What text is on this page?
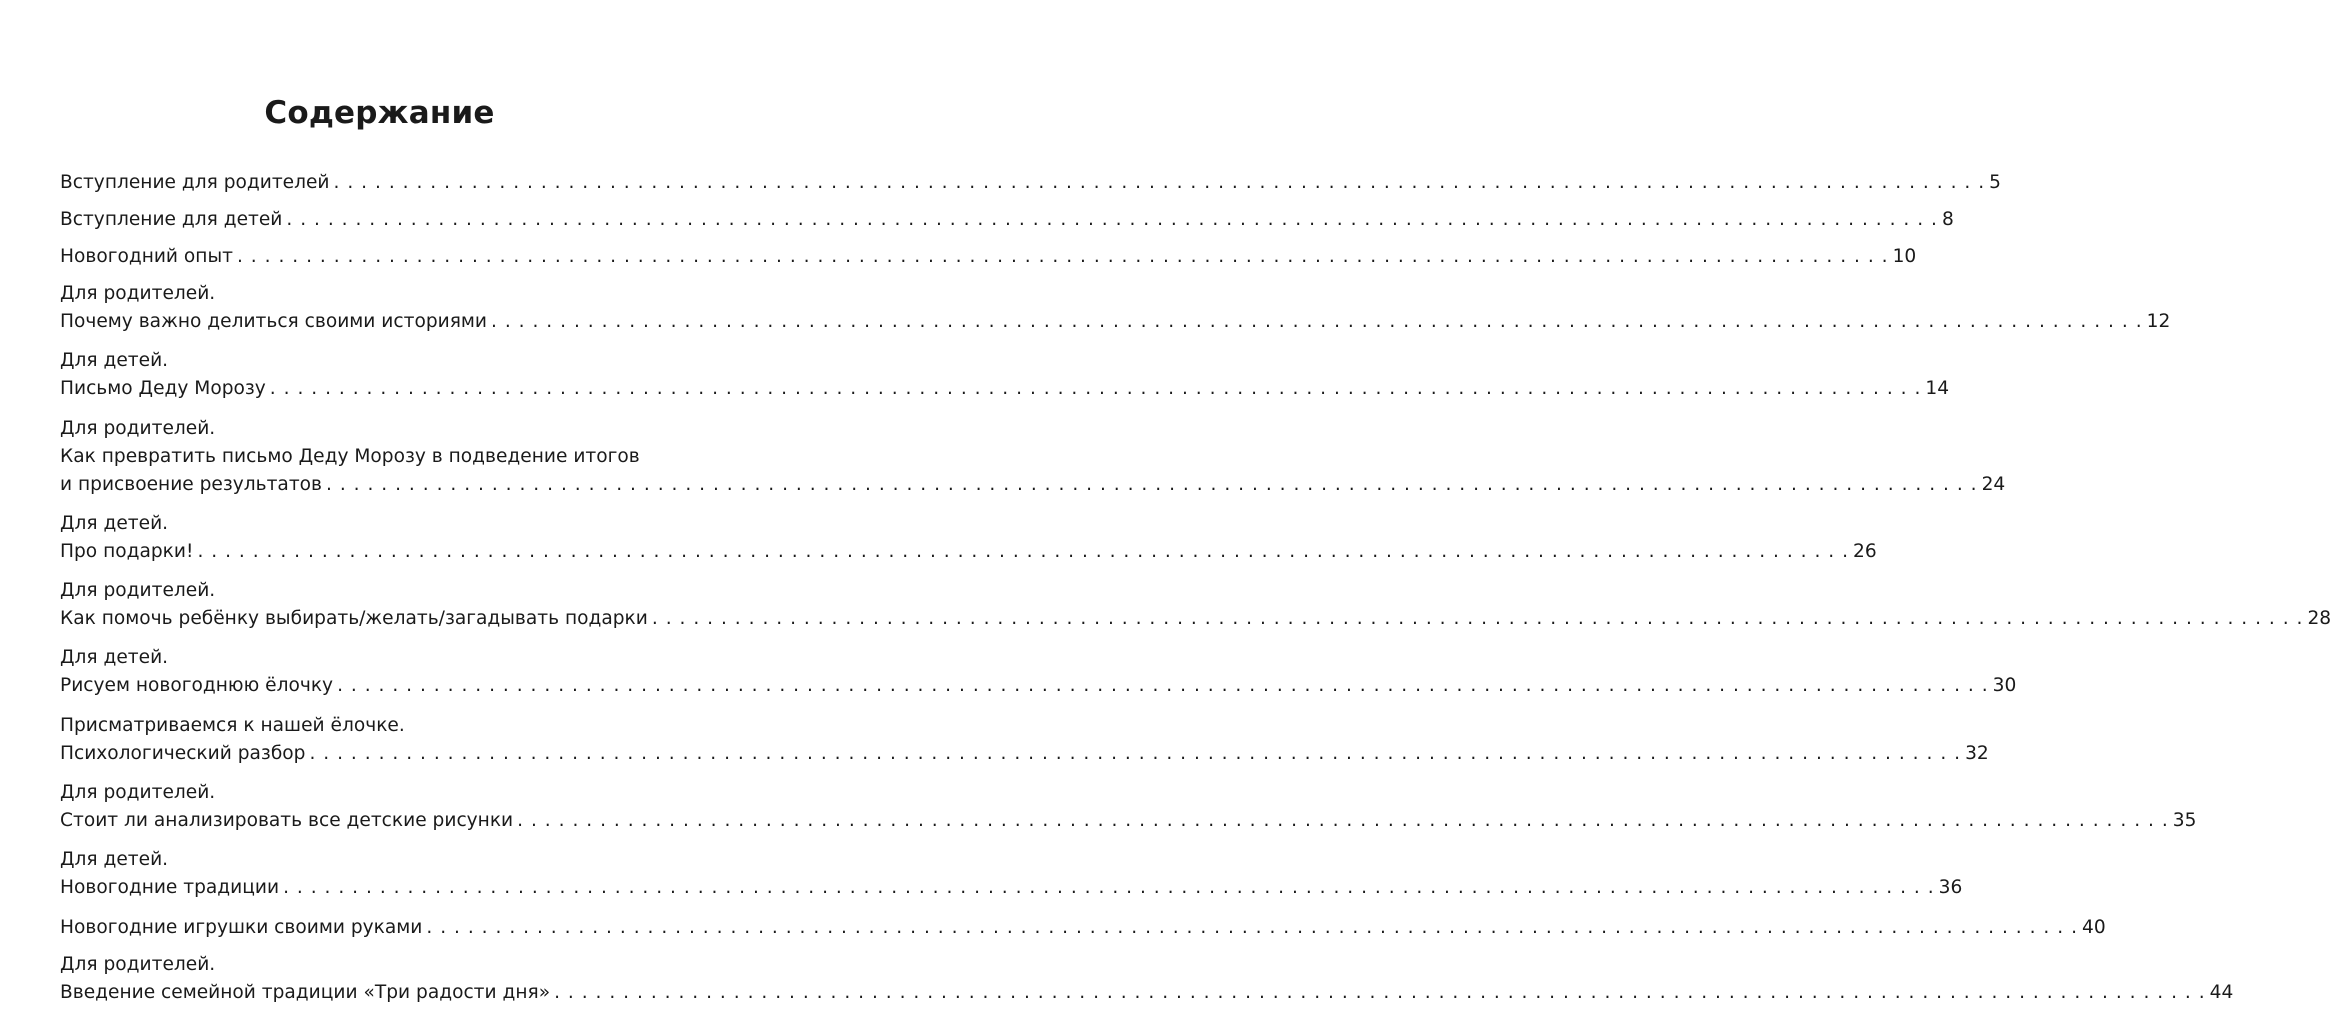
Содержание
Вступление для родителей . . . . . . . . . . . . . . . . . . . . . . . . . . . . . . . . . . . . . . . . . . . . . . . . . . . . . . . . . . . . . . . . . . . . . . . . . . . . . . . . . . . . . . . . . . . . . . . . . . . . . . . . . . . . . . . . . . . . . . . . 5
Вступление для детей . . . . . . . . . . . . . . . . . . . . . . . . . . . . . . . . . . . . . . . . . . . . . . . . . . . . . . . . . . . . . . . . . . . . . . . . . . . . . . . . . . . . . . . . . . . . . . . . . . . . . . . . . . . . . . . . . . . . . . . . 8
Новогодний опыт . . . . . . . . . . . . . . . . . . . . . . . . . . . . . . . . . . . . . . . . . . . . . . . . . . . . . . . . . . . . . . . . . . . . . . . . . . . . . . . . . . . . . . . . . . . . . . . . . . . . . . . . . . . . . . . . . . . . . . . . 10
Для родителей.
Почему важно делиться своими историями . . . . . . . . . . . . . . . . . . . . . . . . . . . . . . . . . . . . . . . . . . . . . . . . . . . . . . . . . . . . . . . . . . . . . . . . . . . . . . . . . . . . . . . . . . . . . . . . . . . . . . . . . . . . . . . . . . . . . . . . 12
Для детей.
Письмо Деду Морозу . . . . . . . . . . . . . . . . . . . . . . . . . . . . . . . . . . . . . . . . . . . . . . . . . . . . . . . . . . . . . . . . . . . . . . . . . . . . . . . . . . . . . . . . . . . . . . . . . . . . . . . . . . . . . . . . . . . . . . . . 14
Для родителей.
Как превратить письмо Деду Морозу в подведение итогов
и присвоение результатов . . . . . . . . . . . . . . . . . . . . . . . . . . . . . . . . . . . . . . . . . . . . . . . . . . . . . . . . . . . . . . . . . . . . . . . . . . . . . . . . . . . . . . . . . . . . . . . . . . . . . . . . . . . . . . . . . . . . . . . . 24
Для детей.
Про подарки! . . . . . . . . . . . . . . . . . . . . . . . . . . . . . . . . . . . . . . . . . . . . . . . . . . . . . . . . . . . . . . . . . . . . . . . . . . . . . . . . . . . . . . . . . . . . . . . . . . . . . . . . . . . . . . . . . . . . . . . . 26
Для родителей.
Как помочь ребёнку выбирать/желать/загадывать подарки . . . . . . . . . . . . . . . . . . . . . . . . . . . . . . . . . . . . . . . . . . . . . . . . . . . . . . . . . . . . . . . . . . . . . . . . . . . . . . . . . . . . . . . . . . . . . . . . . . . . . . . . . . . . . . . . . . . . . . . . 28
Для детей.
Рисуем новогоднюю ёлочку . . . . . . . . . . . . . . . . . . . . . . . . . . . . . . . . . . . . . . . . . . . . . . . . . . . . . . . . . . . . . . . . . . . . . . . . . . . . . . . . . . . . . . . . . . . . . . . . . . . . . . . . . . . . . . . . . . . . . . . . 30
Присматриваемся к нашей ёлочке.
Психологический разбор . . . . . . . . . . . . . . . . . . . . . . . . . . . . . . . . . . . . . . . . . . . . . . . . . . . . . . . . . . . . . . . . . . . . . . . . . . . . . . . . . . . . . . . . . . . . . . . . . . . . . . . . . . . . . . . . . . . . . . . . 32
Для родителей.
Стоит ли анализировать все детские рисунки . . . . . . . . . . . . . . . . . . . . . . . . . . . . . . . . . . . . . . . . . . . . . . . . . . . . . . . . . . . . . . . . . . . . . . . . . . . . . . . . . . . . . . . . . . . . . . . . . . . . . . . . . . . . . . . . . . . . . . . . 35
Для детей.
Новогодние традиции . . . . . . . . . . . . . . . . . . . . . . . . . . . . . . . . . . . . . . . . . . . . . . . . . . . . . . . . . . . . . . . . . . . . . . . . . . . . . . . . . . . . . . . . . . . . . . . . . . . . . . . . . . . . . . . . . . . . . . . . 36
Новогодние игрушки своими руками . . . . . . . . . . . . . . . . . . . . . . . . . . . . . . . . . . . . . . . . . . . . . . . . . . . . . . . . . . . . . . . . . . . . . . . . . . . . . . . . . . . . . . . . . . . . . . . . . . . . . . . . . . . . . . . . . . . . . . . . 40
Для родителей.
Введение семейной традиции «Три радости дня» . . . . . . . . . . . . . . . . . . . . . . . . . . . . . . . . . . . . . . . . . . . . . . . . . . . . . . . . . . . . . . . . . . . . . . . . . . . . . . . . . . . . . . . . . . . . . . . . . . . . . . . . . . . . . . . . . . . . . . . . 44
